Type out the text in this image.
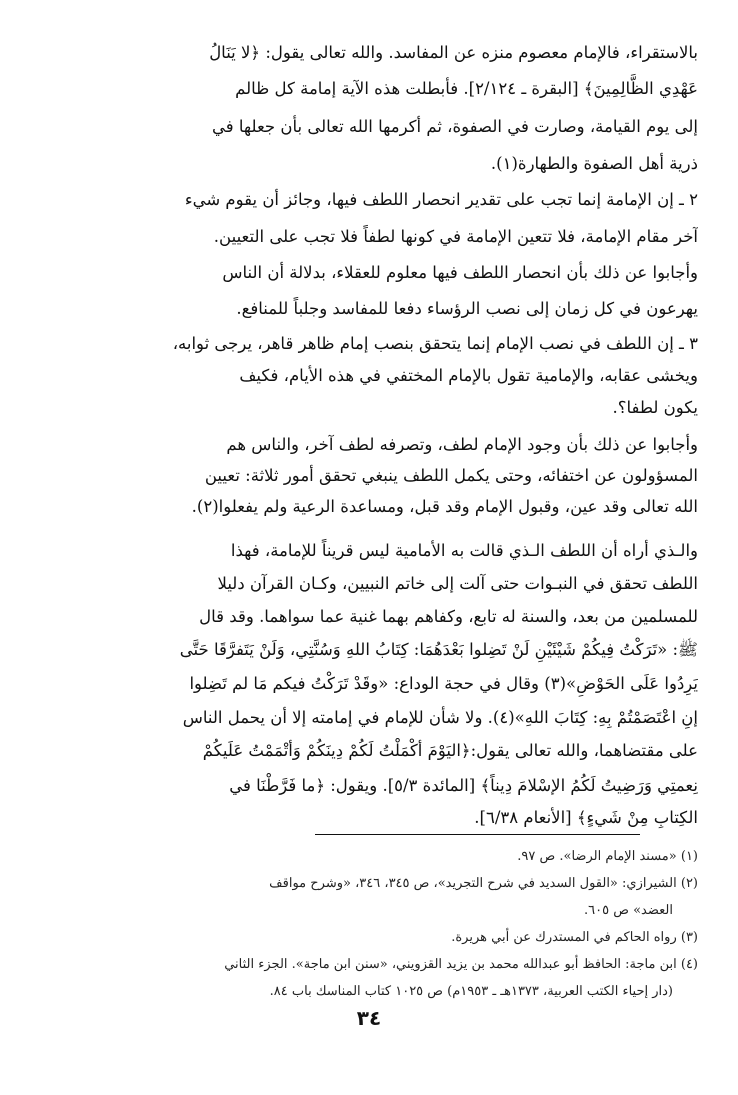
بالاستقراء، فالإمام معصوم منزه عن المفاسد. والله تعالى يقول: ﴿لا يَنَالُ
عَهْدِي الظَّالِمِينَ﴾ [البقرة ـ ٢/١٢٤]. فأبطلت هذه الآية إمامة كل ظالم
إلى يوم القيامة، وصارت في الصفوة، ثم أكرمها الله تعالى بأن جعلها في
ذرية أهل الصفوة والطهارة(١).
٢ ـ إن الإمامة إنما تجب على تقدير انحصار اللطف فيها، وجائز أن يقوم شيء
آخر مقام الإمامة، فلا تتعين الإمامة في كونها لطفاً فلا تجب على التعيين.
وأجابوا عن ذلك بأن انحصار اللطف فيها معلوم للعقلاء، بدلالة أن الناس
يهرعون في كل زمان إلى نصب الرؤساء دفعا للمفاسد وجلباً للمنافع.
٣ ـ إن اللطف في نصب الإمام إنما يتحقق بنصب إمام ظاهر قاهر، يرجى ثوابه،
ويخشى عقابه، والإمامية تقول بالإمام المختفي في هذه الأيام، فكيف
يكون لطفا؟.
وأجابوا عن ذلك بأن وجود الإمام لطف، وتصرفه لطف آخر، والناس هم
المسؤولون عن اختفائه، وحتى يكمل اللطف ينبغي تحقق أمور ثلاثة: تعيين
الله تعالى وقد عين، وقبول الإمام وقد قبل، ومساعدة الرعية ولم يفعلوا(٢).
والـذي أراه أن اللطف الـذي قالت به الأمامية ليس قريناً للإمامة، فهذا
اللطف تحقق في النبـوات حتى آلت إلى خاتم النبيين، وكـان القرآن دليلا
للمسلمين من بعد، والسنة له تابع، وكفاهم بهما غنية عما سواهما. وقد قال
ﷺ: «تَرَكْتُ فِيكُمْ شَيْئَيْنِ لَنْ تَضِلوا بَعْدَهُمَا: كِتَابُ اللهِ وَسُنَّتِي، وَلَنْ يَتَفرَّقَا حَتَّى
يَرِدُوا عَلَى الحَوْضِ»(٣) وقال في حجة الوداع: «وقَدْ تَرَكْتُ فيكم مَا لم تَضِلوا
إنِ اعْتَصَمْتُمْ بِهِ: كِتَابَ اللهِ»(٤). ولا شأن للإمام في إمامته إلا أن يحمل الناس
على مقتضاهما، والله تعالى يقول:﴿اليَوْمَ أكْمَلْتُ لَكُمْ دِينَكُمْ وَأتْمَمْتُ عَلَيكُمْ
نِعمتِي وَرَضِيتُ لَكُمُ الإسْلامَ دِيناً﴾ [المائدة ٥/٣]. ويقول: ﴿ما فَرَّطْنَا في
الكِتابِ مِنْ شَيءٍ﴾ [الأنعام ٦/٣٨].
(١) «مسند الإمام الرضا». ص ٩٧.
(٢) الشيرازي: «القول السديد في شرح التجريد»، ص ٣٤٥، ٣٤٦، «وشرح مواقف
العضد» ص ٦٠٥.
(٣) رواه الحاكم في المستدرك عن أبي هريرة.
(٤) ابن ماجة: الحافظ أبو عبدالله محمد بن يزيد القزويني، «سنن ابن ماجة». الجزء الثاني
(دار إحياء الكتب العربية، ١٣٧٣هـ ـ ١٩٥٣م) ص ١٠٢٥ كتاب المناسك باب ٨٤.
٣٤
